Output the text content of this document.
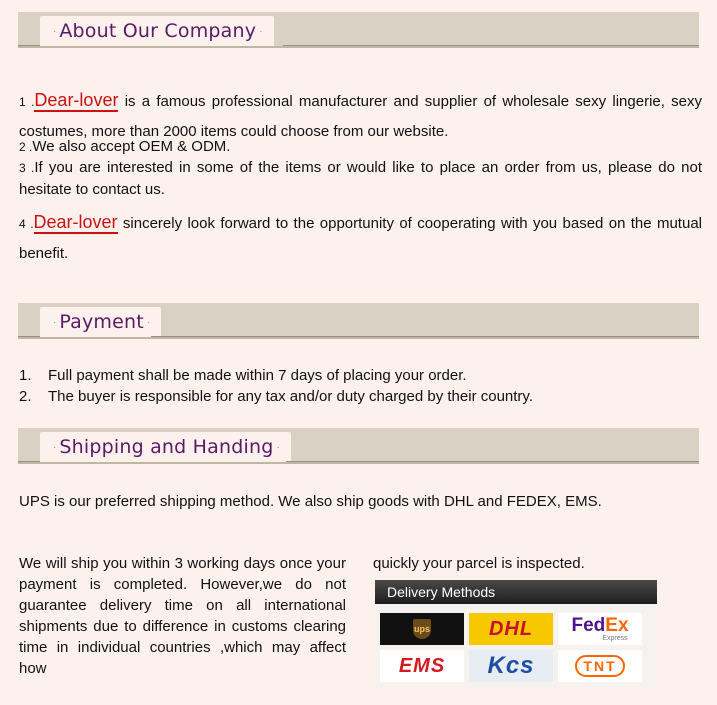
· About Our Company ·
1 .Dear-lover is a famous professional manufacturer and supplier of wholesale sexy lingerie, sexy costumes, more than 2000 items could choose from our website.
2 .We also accept OEM & ODM.
3 .If you are interested in some of the items or would like to place an order from us, please do not hesitate to contact us.
4 .Dear-lover sincerely look forward to the opportunity of cooperating with you based on the mutual benefit.
· Payment ·
1. Full payment shall be made within 7 days of placing your order.
2. The buyer is responsible for any tax and/or duty charged by their country.
· Shipping and Handing ·
UPS is our preferred shipping method. We also ship goods with DHL and FEDEX, EMS.
We will ship you within 3 working days once your payment is completed. However,we do not guarantee delivery time on all international shipments due to difference in customs clearing time in individual countries ,which may affect how
quickly your parcel is inspected.
Delivery Methods
ups	DHL FedEx
Express
EMS Kcs	TNT
